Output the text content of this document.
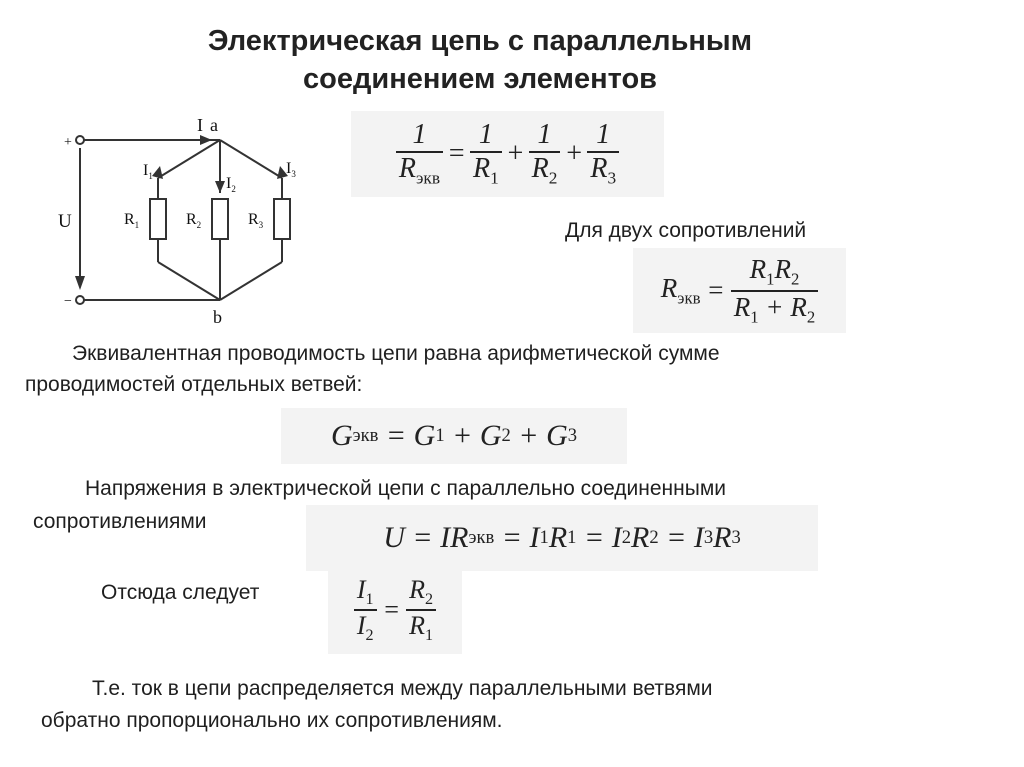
Электрическая цепь с параллельным
соединением элементов
+
−
U
I a
b
$I_1$	$I_2$
$I_3$
$R_1$	$R_2$	$R_3$
$\frac{1}{R_{экв}} = \frac{1}{R_1} + \frac{1}{R_2} + \frac{1}{R_3}$
Для двух сопротивлений
$R_{экв} = \frac{R_1R_2}{R_1 + R_2}$
Эквивалентная проводимость цепи равна арифметической сумме
проводимостей отдельных ветвей:
G экв = G 1 + G 2 + G 3
Напряжения в электрической цепи с параллельно соединенными
сопротивлениями	U = IR экв = I 1 R 1 = I 2 R 2 = I 3 R 3
Отсюда следует	$\frac{I_1}{I_2} = \frac{R_2}{R_1}$
Т.е. ток в цепи распределяется между параллельными ветвями
обратно пропорционально их сопротивлениям.
